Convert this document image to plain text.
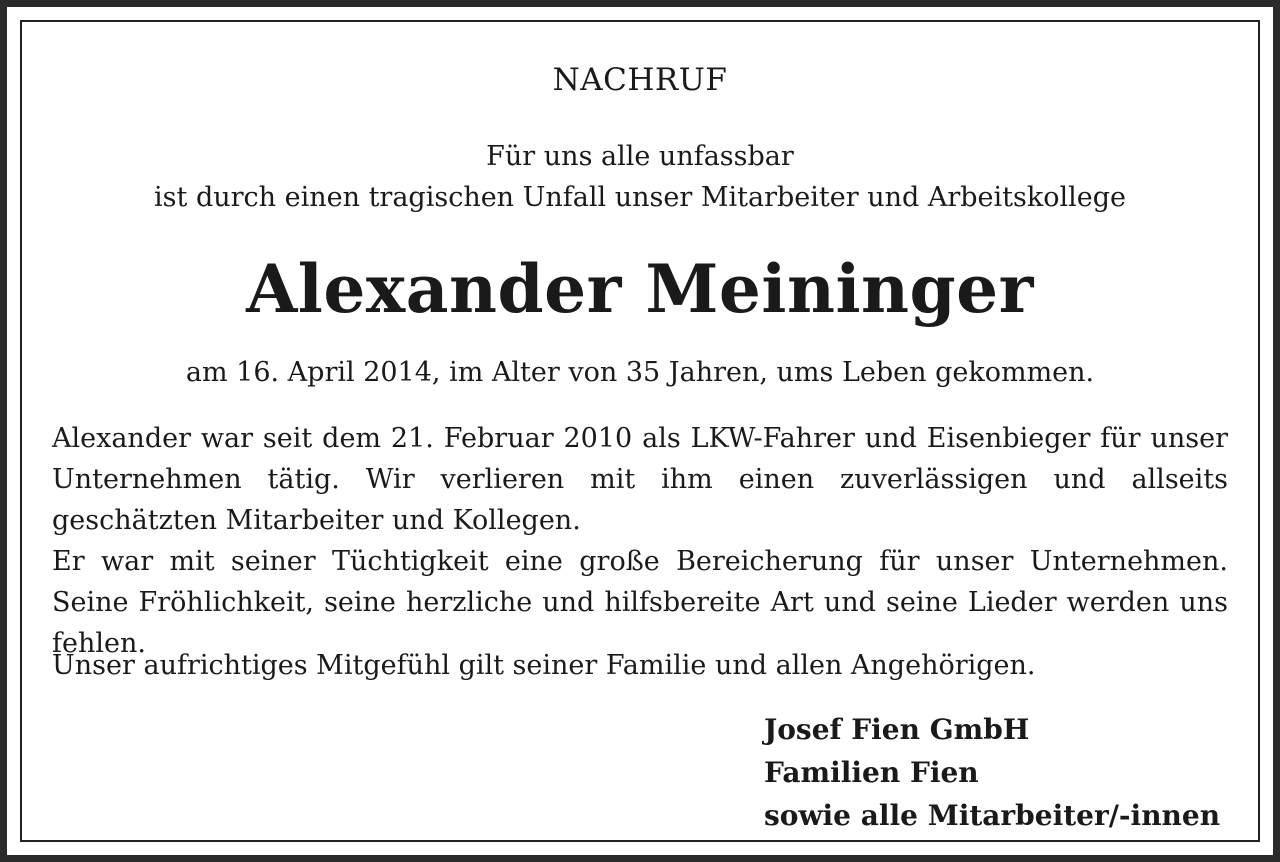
NACHRUF
Für uns alle unfassbar
ist durch einen tragischen Unfall unser Mitarbeiter und Arbeitskollege
Alexander Meininger
am 16. April 2014, im Alter von 35 Jahren, ums Leben gekommen.

Alexander war seit dem 21. Februar 2010 als LKW-Fahrer und Eisenbieger für unser Unternehmen tätig. Wir verlieren mit ihm einen zuverlässigen und allseits geschätzten Mitarbeiter und Kollegen.

Er war mit seiner Tüchtigkeit eine große Bereicherung für unser Unternehmen. Seine Fröhlichkeit, seine herzliche und hilfsbereite Art und seine Lieder werden uns fehlen.

Unser aufrichtiges Mitgefühl gilt seiner Familie und allen Angehörigen.
Josef Fien GmbH
Familien Fien
sowie alle Mitarbeiter/-innen
